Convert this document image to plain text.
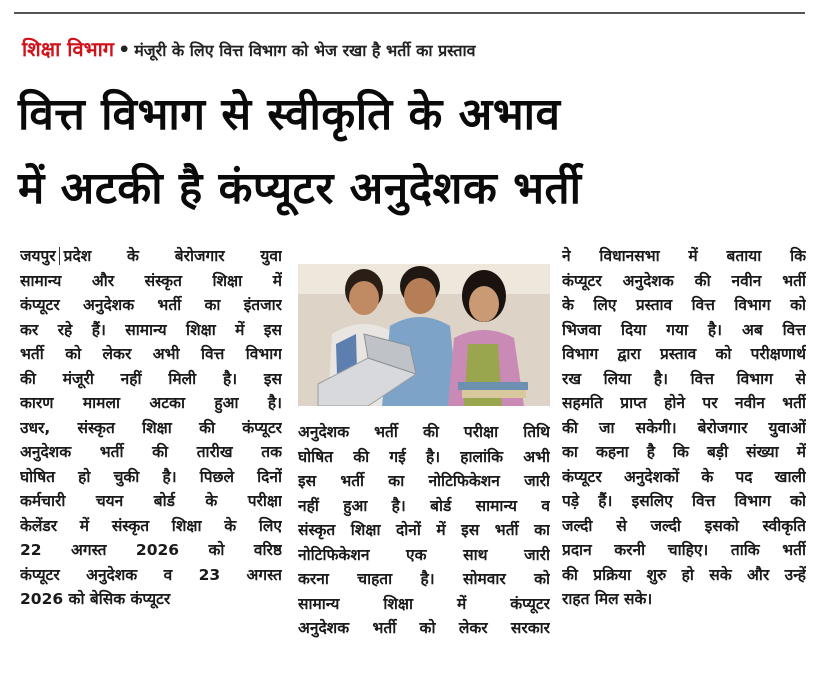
शिक्षा विभाग • मंजूरी के लिए वित्त विभाग को भेज रखा है भर्ती का प्रस्ताव
वित्त विभाग से स्वीकृति के अभाव
में अटकी है कंप्यूटर अनुदेशक भर्ती
जयपुर प्रदेश के बेरोजगार युवा
सामान्य और संस्कृत शिक्षा में
कंप्यूटर अनुदेशक भर्ती का इंतजार
कर रहे हैं। सामान्य शिक्षा में इस
भर्ती को लेकर अभी वित्त विभाग
की मंजूरी नहीं मिली है। इस
कारण मामला अटका हुआ है।
उधर, संस्कृत शिक्षा की कंप्यूटर
अनुदेशक भर्ती की तारीख तक
घोषित हो चुकी है। पिछले दिनों
कर्मचारी चयन बोर्ड के परीक्षा
केलेंडर में संस्कृत शिक्षा के लिए
22 अगस्त 2026 को वरिष्ठ
कंप्यूटर अनुदेशक व 23 अगस्त
2026 को बेसिक कंप्यूटर
अनुदेशक भर्ती की परीक्षा तिथि
घोषित की गई है। हालांकि अभी
इस भर्ती का नोटिफिकेशन जारी
नहीं हुआ है। बोर्ड सामान्य व
संस्कृत शिक्षा दोनों में इस भर्ती का
नोटिफिकेशन एक साथ जारी
करना चाहता है। सोमवार को
सामान्य शिक्षा में कंप्यूटर
अनुदेशक भर्ती को लेकर सरकार
ने विधानसभा में बताया कि
कंप्यूटर अनुदेशक की नवीन भर्ती
के लिए प्रस्ताव वित्त विभाग को
भिजवा दिया गया है। अब वित्त
विभाग द्वारा प्रस्ताव को परीक्षणार्थ
रख लिया है। वित्त विभाग से
सहमति प्राप्त होने पर नवीन भर्ती
की जा सकेगी। बेरोजगार युवाओं
का कहना है कि बड़ी संख्या में
कंप्यूटर अनुदेशकों के पद खाली
पड़े हैं। इसलिए वित्त विभाग को
जल्दी से जल्दी इसको स्वीकृति
प्रदान करनी चाहिए। ताकि भर्ती
की प्रक्रिया शुरु हो सके और उन्हें
राहत मिल सके।
